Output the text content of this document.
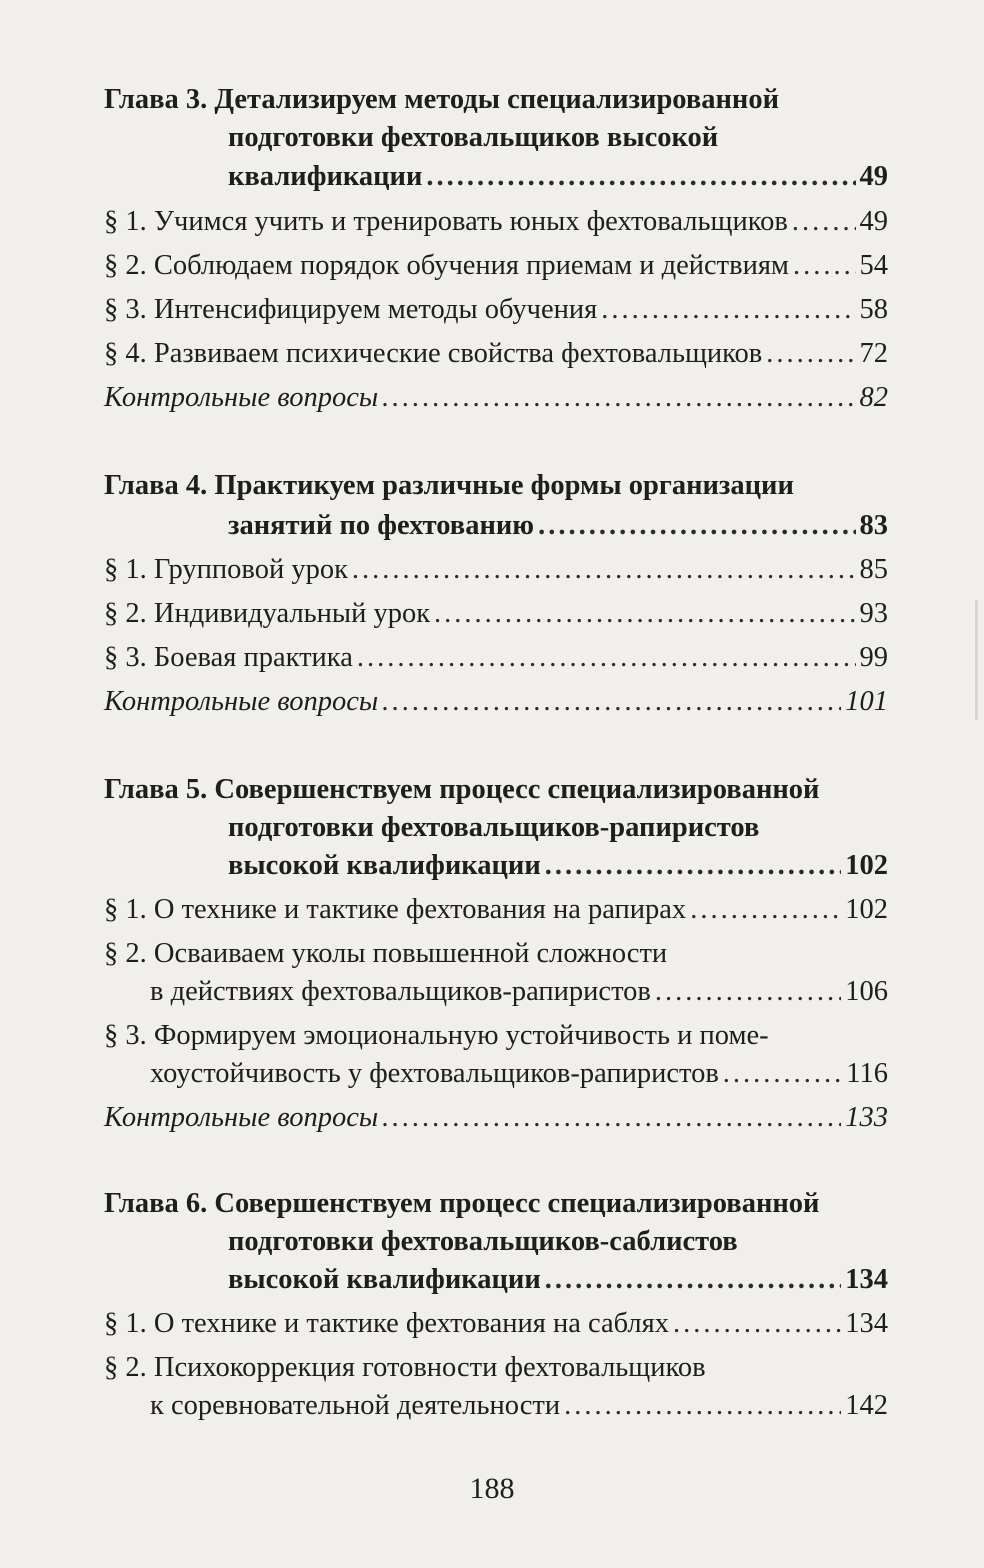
Глава 3. Детализируем методы специализированной
подготовки фехтовальщиков высокой
квалификации .....	49
§ 1. Учимся учить и тренировать юных фехтовальщиков .....	49
§ 2. Соблюдаем порядок обучения приемам и действиям ..... 54
§ 3. Интенсифицируем методы обучения .....	58
§ 4. Развиваем психические свойства фехтовальщиков .....	72
Контрольные вопросы .....	82
Глава 4. Практикуем различные формы организации
занятий по фехтованию .....	83
§ 1. Групповой урок .....	85
§ 2. Индивидуальный урок .....	93
§ 3. Боевая практика .....	99
Контрольные вопросы .....	101
Глава 5. Совершенствуем процесс специализированной
подготовки фехтовальщиков-рапиристов
высокой квалификации .....	102
§ 1. О технике и тактике фехтования на рапирах .....	102
§ 2. Осваиваем уколы повышенной сложности
в действиях фехтовальщиков-рапиристов .....	106
§ 3. Формируем эмоциональную устойчивость и поме-
хоустойчивость у фехтовальщиков-рапиристов .....	116
Контрольные вопросы .....	133
Глава 6. Совершенствуем процесс специализированной
подготовки фехтовальщиков-саблистов
высокой квалификации .....	134
§ 1. О технике и тактике фехтования на саблях .....	134
§ 2. Психокоррекция готовности фехтовальщиков
к соревновательной деятельности .....	142
188
